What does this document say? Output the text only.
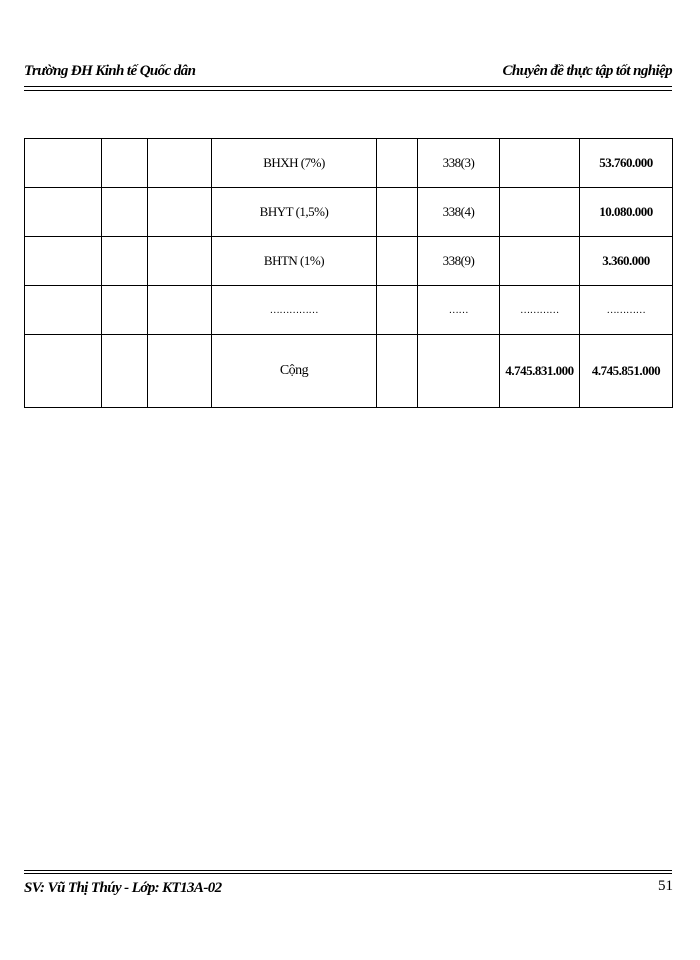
Trường ĐH Kinh tế Quốc dân	Chuyên đề thực tập tốt nghiệp
			BHXH (7%)		338(3)		53.760.000
			BHYT (1,5%)		338(4)		10.080.000
			BHTN (1%)		338(9)		3.360.000
			……………		……	…………	…………
			Cộng			4.745.831.000	4.745.851.000
SV: Vũ Thị Thúy - Lớp: KT13A-02	51
